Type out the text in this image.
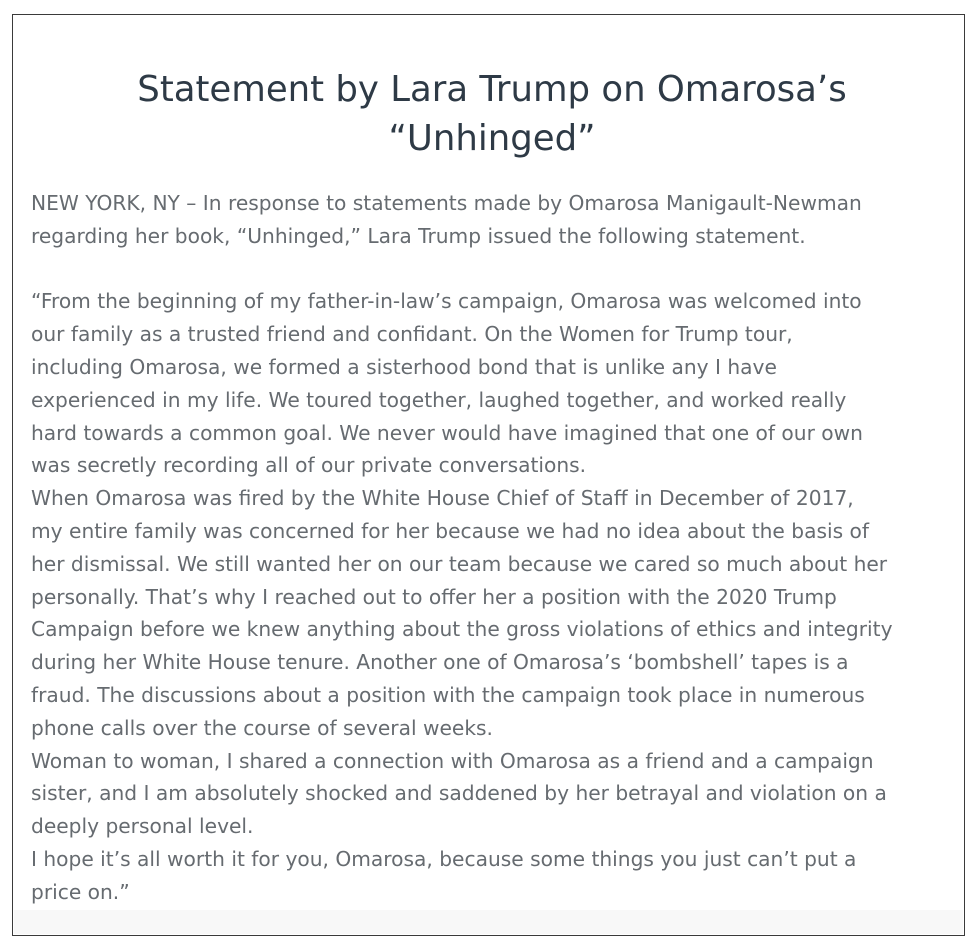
Statement by Lara Trump on Omarosa’s
“Unhinged”

NEW YORK, NY – In response to statements made by Omarosa Manigault-Newman
regarding her book, “Unhinged,” Lara Trump issued the following statement.

“From the beginning of my father-in-law’s campaign, Omarosa was welcomed into
our family as a trusted friend and confidant. On the Women for Trump tour,
including Omarosa, we formed a sisterhood bond that is unlike any I have
experienced in my life. We toured together, laughed together, and worked really
hard towards a common goal. We never would have imagined that one of our own
was secretly recording all of our private conversations.

When Omarosa was fired by the White House Chief of Staff in December of 2017,
my entire family was concerned for her because we had no idea about the basis of
her dismissal. We still wanted her on our team because we cared so much about her
personally. That’s why I reached out to offer her a position with the 2020 Trump
Campaign before we knew anything about the gross violations of ethics and integrity
during her White House tenure. Another one of Omarosa’s ‘bombshell’ tapes is a
fraud. The discussions about a position with the campaign took place in numerous
phone calls over the course of several weeks.

Woman to woman, I shared a connection with Omarosa as a friend and a campaign
sister, and I am absolutely shocked and saddened by her betrayal and violation on a
deeply personal level.

I hope it’s all worth it for you, Omarosa, because some things you just can’t put a
price on.”
